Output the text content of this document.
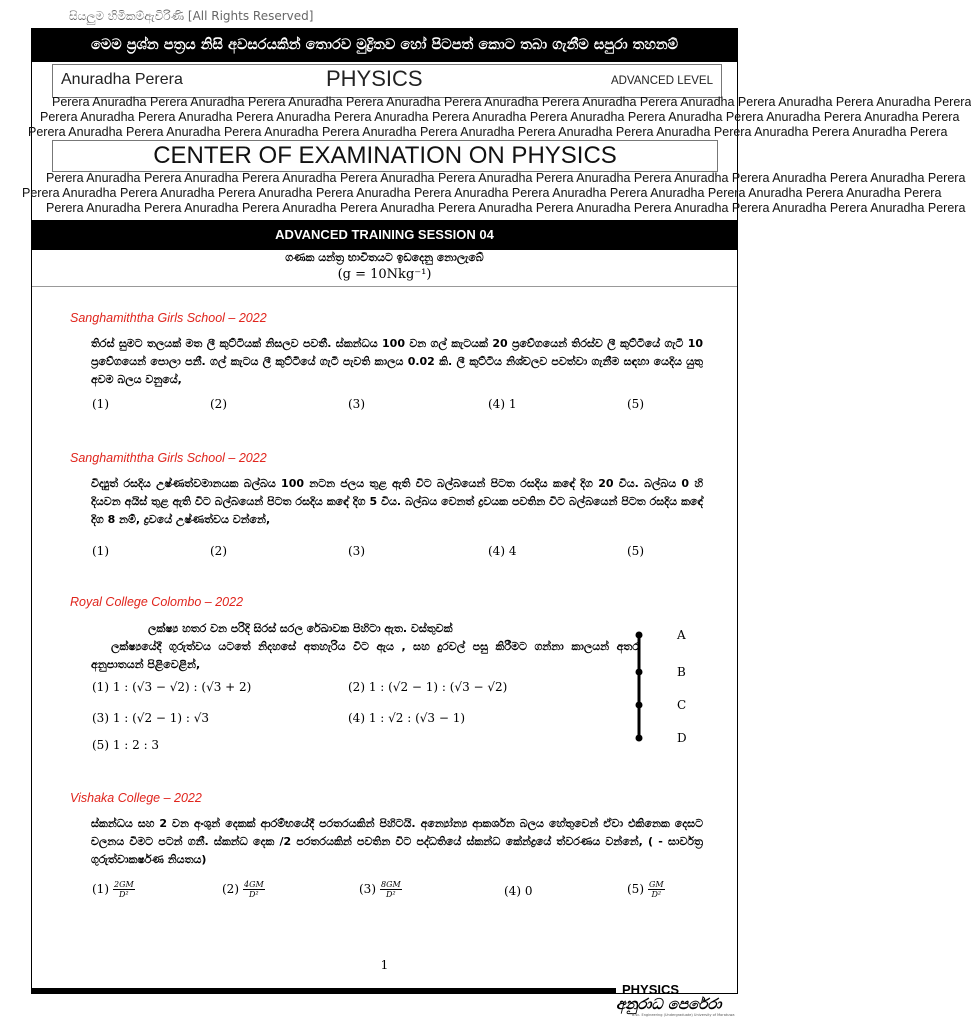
සියලුම හිමිකම්ඇවිරිණි [All Rights Reserved]
මෙම ප්‍රශ්න පත්‍රය නිසි අවසරයකින් තොරව මුද්‍රිතව හෝ පිටපත් කොට තබා ගැනීම සපුරා තහනම්
Anuradha Perera	PHYSICS	ADVANCED LEVEL
Perera Anuradha Perera Anuradha Perera Anuradha Perera Anuradha Perera Anuradha Perera Anuradha Perera Anuradha Perera Anuradha Perera Anuradha Perera
Perera Anuradha Perera Anuradha Perera Anuradha Perera Anuradha Perera Anuradha Perera Anuradha Perera Anuradha Perera Anuradha Perera Anuradha Perera
Perera Anuradha Perera Anuradha Perera Anuradha Perera Anuradha Perera Anuradha Perera Anuradha Perera Anuradha Perera Anuradha Perera Anuradha Perera
CENTER OF EXAMINATION ON PHYSICS
Perera Anuradha Perera Anuradha Perera Anuradha Perera Anuradha Perera Anuradha Perera Anuradha Perera Anuradha Perera Anuradha Perera Anuradha Perera
Perera Anuradha Perera Anuradha Perera Anuradha Perera Anuradha Perera Anuradha Perera Anuradha Perera Anuradha Perera Anuradha Perera Anuradha Perera
Perera Anuradha Perera Anuradha Perera Anuradha Perera Anuradha Perera Anuradha Perera Anuradha Perera Anuradha Perera Anuradha Perera Anuradha Perera
ADVANCED TRAINING SESSION 04
ගණක යන්ත්‍ර භාවිතයට ඉඩදෙනු නොලැබේ
(g = 10Nkg⁻¹)
Sanghamiththa Girls School – 2022
තිරස් සුමට තලයක් මත ලී කුට්ටියක් නිසලව පවතී. ස්කන්ධය 100 වන ගල් කැටයක් 20 ප්‍රවේගයෙන් තිරස්ව ලී කුට්ටියේ ගැටී 10 ප්‍රවේගයෙන් පොලා පනී. ගල් කැටය ලී කුට්ටියේ ගැටී පැවති කාලය 0.02 කි. ලී කුට්ටිය නිශ්චලව පවත්වා ගැනීම සඳහා යෙදිය යුතු අවම බලය වනුයේ,
(1)	(2)	(3)	(4) 1	(5)
Sanghamiththa Girls School – 2022
විද්‍යුත් රසදිය උෂ්ණත්වමානයක බල්බය 100 නටන ජලය තුළ ඇති විට බල්බයෙන් පිටත රසදිය කඳේ දිග 20 විය. බල්බය 0 හි දියවන අයිස් තුළ ඇති විට බල්බයෙන් පිටත රසදිය කඳේ දිග 5 විය. බල්බය වෙනත් ද්‍රවයක පවතින විට බල්බයෙන් පිටත රසදිය කඳේ දිග 8 නම්, ද්‍රවයේ උෂ්ණත්වය වන්නේ,
(1)	(2)	(3)	(4) 4	(5)
Royal College Colombo – 2022
ලක්ෂ්‍ය හතර වන පරිදි සිරස් සරල රේඛාවක පිහිටා ඇත. වස්තුවක්
ලක්ෂ්‍යයේදී ගුරුත්වය යටතේ නිදහසේ අතහැරිය විට ඇය , සහ දුරවල් පසු කිරීමට ගන්නා කාලයන් අතර අනුපාතයන් පිළිවෙළින්,
(1) 1 : (√3 − √2) : (√3 + 2)	(2) 1 : (√2 − 1) : (√3 − √2)
(3) 1 : (√2 − 1) : √3	(4) 1 : √2 : (√3 − 1)
(5) 1 : 2 : 3
A
B
C
D
Vishaka College – 2022
ස්කන්ධය සහ 2 වන අංශුන් දෙකක් ආරම්භයේදී පරතරයකින් පිහිටයි. අන්‍යෝන්‍ය ආකර්ශන බලය හේතුවෙන් ඒවා එකිනෙක දෙසට චලනය වීමට පටන් ගනී. ස්කන්ධ දෙක /2 පරතරයකින් පවතින විට පද්ධතියේ ස්කන්ධ කේන්ද්‍රයේ ත්වරණය වන්නේ, ( - සාර්වත්‍ර ගුරුත්වාකර්ෂණ නියතය)
$(1) \frac{2GM}{\text{D²}}$	$(2) \frac{4GM}{\text{D²}}$	$(3) \frac{8GM}{\text{D²}}$	(4) 0	$(5) \frac{GM}{\text{D²}}$
1
PHYSICS
අනුරාධ පෙරේරා
B.sc. Engineering (Undergraduate) University of Moratuwa
